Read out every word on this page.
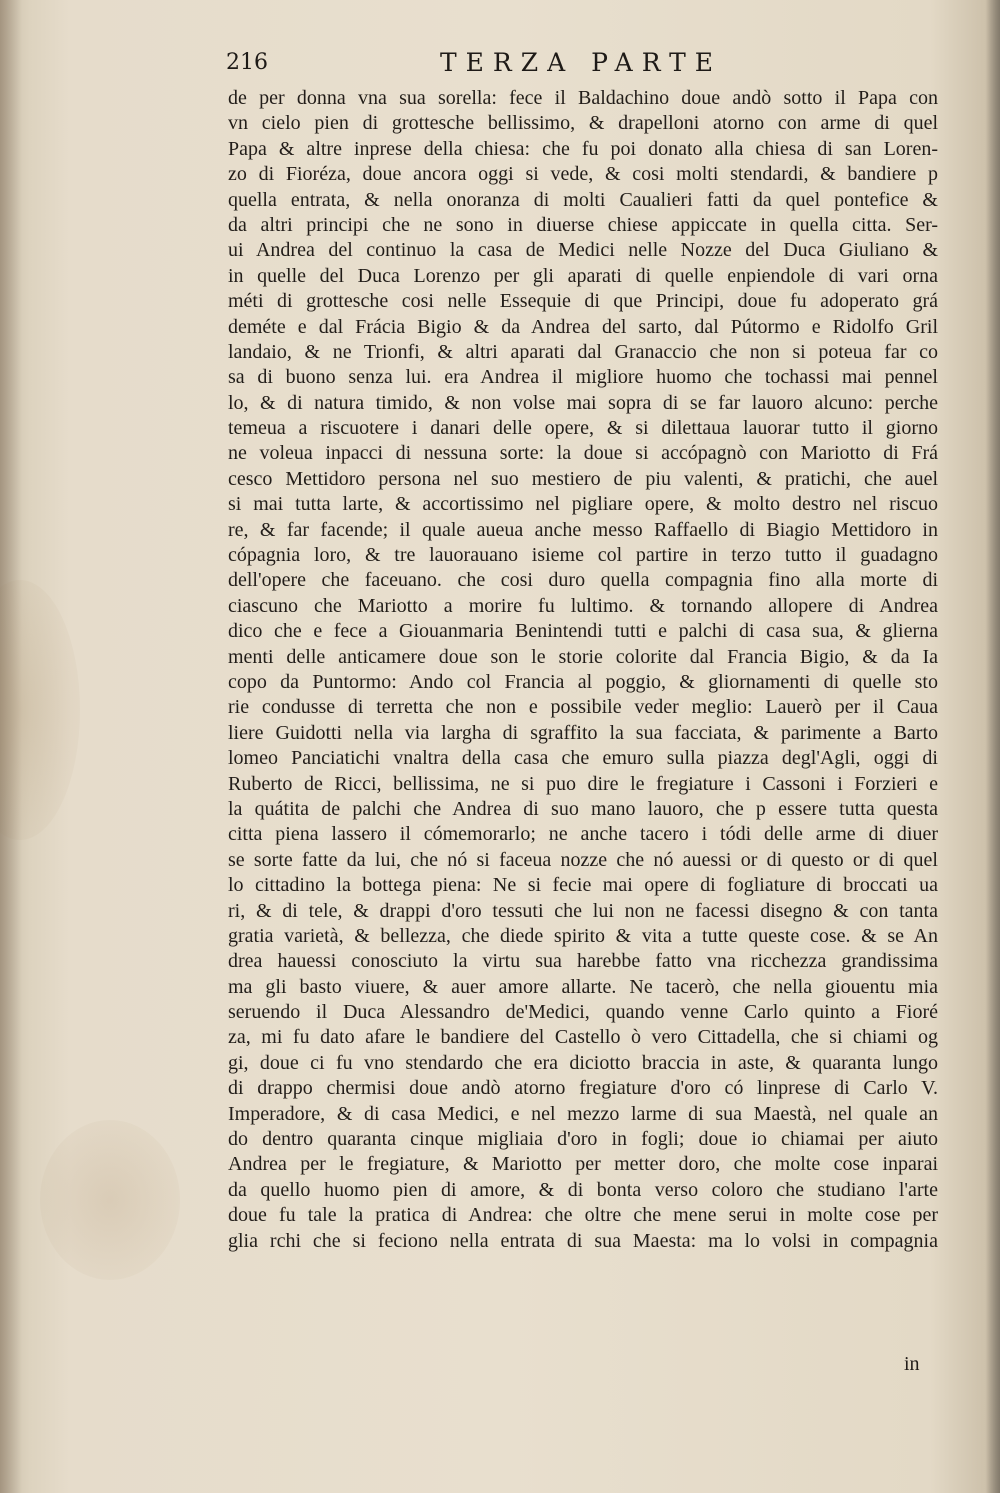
216	TERZA PARTE
de per donna vna sua sorella: fece il Baldachino doue andò sotto il Papa con
vn cielo pien di grottesche bellissimo, & drapelloni atorno con arme di quel
Papa & altre inprese della chiesa: che fu poi donato alla chiesa di san Loren-
zo di Fioréza, doue ancora oggi si vede, & cosi molti stendardi, & bandiere p
quella entrata, & nella onoranza di molti Caualieri fatti da quel pontefice &
da altri principi che ne sono in diuerse chiese appiccate in quella citta. Ser-
ui Andrea del continuo la casa de Medici nelle Nozze del Duca Giuliano &
in quelle del Duca Lorenzo per gli aparati di quelle enpiendole di vari orna
méti di grottesche cosi nelle Essequie di que Principi, doue fu adoperato grá
deméte e dal Frácia Bigio & da Andrea del sarto, dal Pútormo e Ridolfo Gril
landaio, & ne Trionfi, & altri aparati dal Granaccio che non si poteua far co
sa di buono senza lui. era Andrea il migliore huomo che tochassi mai pennel
lo, & di natura timido, & non volse mai sopra di se far lauoro alcuno: perche
temeua a riscuotere i danari delle opere, & si dilettaua lauorar tutto il giorno
ne voleua inpacci di nessuna sorte: la doue si accópagnò con Mariotto di Frá
cesco Mettidoro persona nel suo mestiero de piu valenti, & pratichi, che auel
si mai tutta larte, & accortissimo nel pigliare opere, & molto destro nel riscuo
re, & far facende; il quale aueua anche messo Raffaello di Biagio Mettidoro in
cópagnia loro, & tre lauorauano isieme col partire in terzo tutto il guadagno
dell'opere che faceuano. che cosi duro quella compagnia fino alla morte di
ciascuno che Mariotto a morire fu lultimo. & tornando allopere di Andrea
dico che e fece a Giouanmaria Benintendi tutti e palchi di casa sua, & glierna
menti delle anticamere doue son le storie colorite dal Francia Bigio, & da Ia
copo da Puntormo: Ando col Francia al poggio, & gliornamenti di quelle sto
rie condusse di terretta che non e possibile veder meglio: Lauerò per il Caua
liere Guidotti nella via largha di sgraffito la sua facciata, & parimente a Barto
lomeo Panciatichi vnaltra della casa che emuro sulla piazza degl'Agli, oggi di
Ruberto de Ricci, bellissima, ne si puo dire le fregiature i Cassoni i Forzieri e
la quátita de palchi che Andrea di suo mano lauoro, che p essere tutta questa
citta piena lassero il cómemorarlo; ne anche tacero i tódi delle arme di diuer
se sorte fatte da lui, che nó si faceua nozze che nó auessi or di questo or di quel
lo cittadino la bottega piena: Ne si fecie mai opere di fogliature di broccati ua
ri, & di tele, & drappi d'oro tessuti che lui non ne facessi disegno & con tanta
gratia varietà, & bellezza, che diede spirito & vita a tutte queste cose. & se An
drea hauessi conosciuto la virtu sua harebbe fatto vna ricchezza grandissima
ma gli basto viuere, & auer amore allarte. Ne tacerò, che nella giouentu mia
seruendo il Duca Alessandro de'Medici, quando venne Carlo quinto a Fioré
za, mi fu dato afare le bandiere del Castello ò vero Cittadella, che si chiami og
gi, doue ci fu vno stendardo che era diciotto braccia in aste, & quaranta lungo
di drappo chermisi doue andò atorno fregiature d'oro có linprese di Carlo V.
Imperadore, & di casa Medici, e nel mezzo larme di sua Maestà, nel quale an
do dentro quaranta cinque migliaia d'oro in fogli; doue io chiamai per aiuto
Andrea per le fregiature, & Mariotto per metter doro, che molte cose inparai
da quello huomo pien di amore, & di bonta verso coloro che studiano l'arte
doue fu tale la pratica di Andrea: che oltre che mene serui in molte cose per
glia rchi che si feciono nella entrata di sua Maesta: ma lo volsi in compagnia
in
